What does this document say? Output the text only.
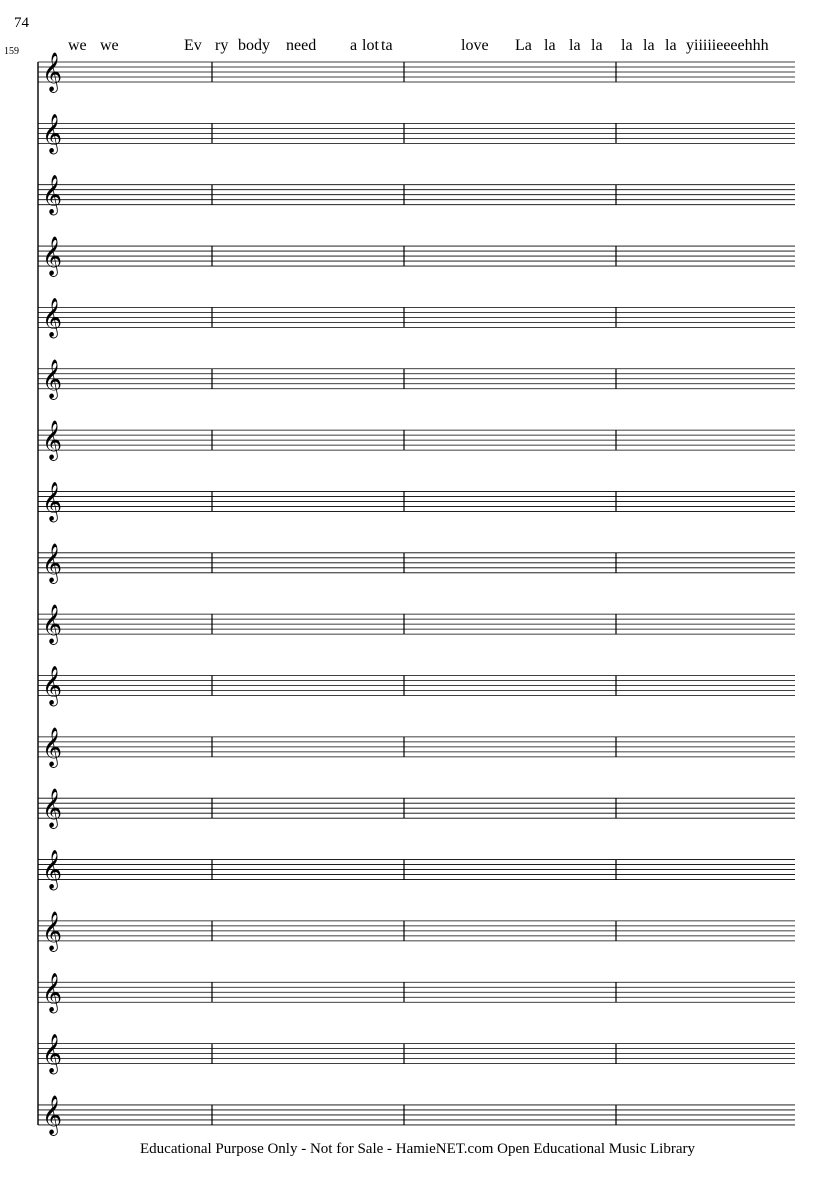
74
159	we we	Ev ry bo dy need a lot ta	love La la la la la la la yiiiiieeeehhh
𝄞
𝄞
𝄞
𝄞
𝄞
𝄞
𝄞
𝄞
𝄞
𝄞
𝄞
𝄞
𝄞
𝄞
𝄞
𝄞
𝄞
𝄞
Educational Purpose Only - Not for Sale - HamieNET.com Open Educational Music Library
